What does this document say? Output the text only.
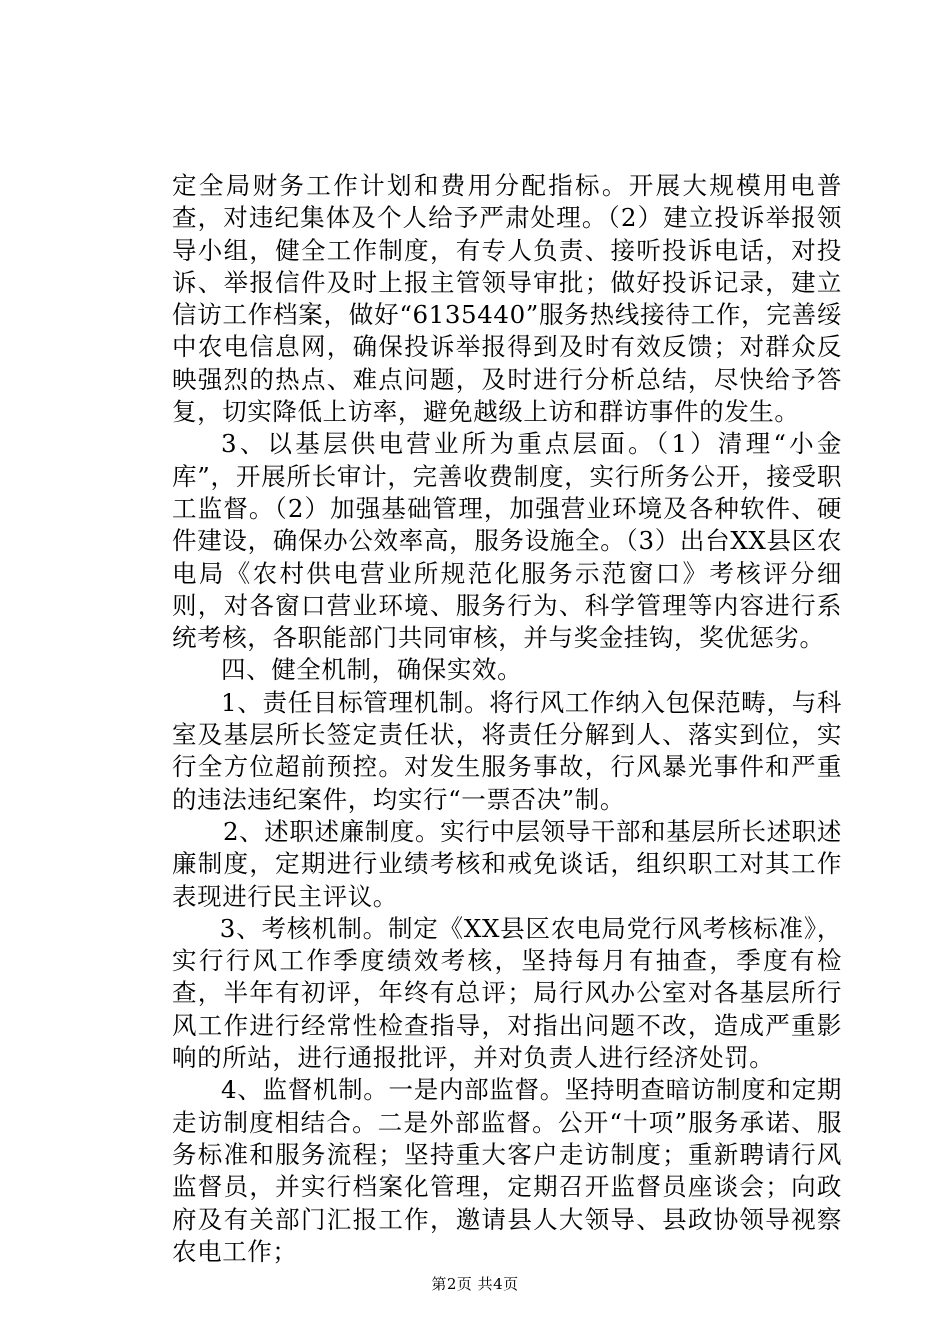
定全局财务工作计划和费用分配指标。开展大规模用电普查，对违纪集体及个人给予严肃处理。（2）建立投诉举报领导小组，健全工作制度，有专人负责、接听投诉电话，对投诉、举报信件及时上报主管领导审批；做好投诉记录，建立信访工作档案，做好“6135440”服务热线接待工作，完善绥中农电信息网，确保投诉举报得到及时有效反馈；对群众反映强烈的热点、难点问题，及时进行分析总结，尽快给予答复，切实降低上访率，避免越级上访和群访事件的发生。

3、以基层供电营业所为重点层面。（1）清理“小金库”，开展所长审计，完善收费制度，实行所务公开，接受职工监督。（2）加强基础管理，加强营业环境及各种软件、硬件建设，确保办公效率高，服务设施全。（3）出台XX县区农电局《农村供电营业所规范化服务示范窗口》考核评分细则，对各窗口营业环境、服务行为、科学管理等内容进行系统考核，各职能部门共同审核，并与奖金挂钩，奖优惩劣。

四、健全机制，确保实效。

1、责任目标管理机制。将行风工作纳入包保范畴，与科室及基层所长签定责任状，将责任分解到人、落实到位，实行全方位超前预控。对发生服务事故，行风暴光事件和严重的违法违纪案件，均实行“一票否决”制。

2、述职述廉制度。实行中层领导干部和基层所长述职述廉制度，定期进行业绩考核和戒免谈话，组织职工对其工作表现进行民主评议。

3、考核机制。制定《XX县区农电局党行风考核标准》，实行行风工作季度绩效考核，坚持每月有抽查，季度有检查，半年有初评，年终有总评；局行风办公室对各基层所行风工作进行经常性检查指导，对指出问题不改，造成严重影响的所站，进行通报批评，并对负责人进行经济处罚。

4、监督机制。一是内部监督。坚持明查暗访制度和定期走访制度相结合。二是外部监督。公开“十项”服务承诺、服务标准和服务流程；坚持重大客户走访制度；重新聘请行风监督员，并实行档案化管理，定期召开监督员座谈会；向政府及有关部门汇报工作，邀请县人大领导、县政协领导视察农电工作；

第2页 共4页
